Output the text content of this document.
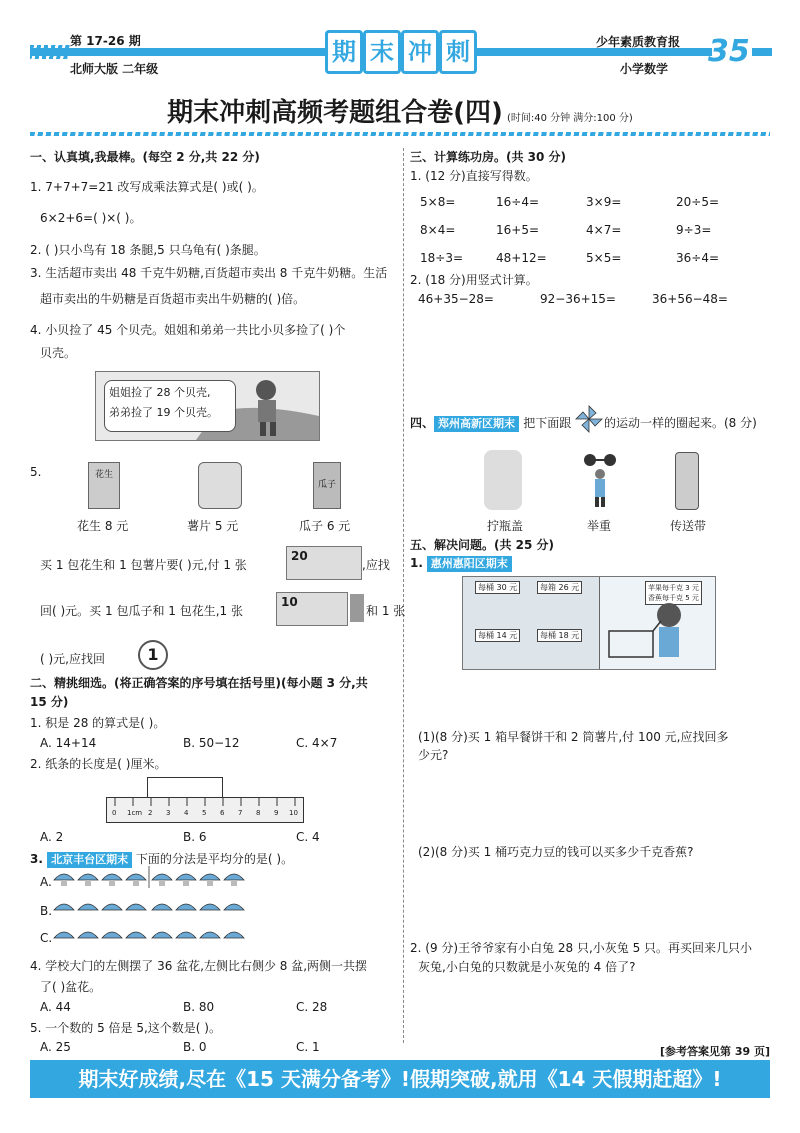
第 17-26 期
北师大版 二年级
期 末 冲 刺	少年素质教育报
小学数学 35
期末冲刺高频考题组合卷(四) (时间:40 分钟 满分:100 分)
一、认真填,我最棒。(每空 2 分,共 22 分)
1. 7+7+7=21 改写成乘法算式是( )或( )。
6×2+6=( )×( )。
2. ( )只小鸟有 18 条腿,5 只乌龟有( )条腿。
3. 生活超市卖出 48 千克牛奶糖,百货超市卖出 8 千克牛奶糖。生活
超市卖出的牛奶糖是百货超市卖出牛奶糖的( )倍。
4. 小贝捡了 45 个贝壳。姐姐和弟弟一共比小贝多捡了( )个
贝壳。
姐姐捡了 28 个贝壳,
弟弟捡了 19 个贝壳。
5.	花生
瓜子
花生 8 元	薯片 5 元	瓜子 6 元
买 1 包花生和 1 包薯片要( )元,付 1 张
20
,应找
回( )元。买 1 包瓜子和 1 包花生,1 张
10
和 1 张
( )元,应找回	1
二、精挑细选。(将正确答案的序号填在括号里)(每小题 3 分,共
15 分)
1. 积是 28 的算式是( )。
A. 14+14	B. 50−12	C. 4×7
2. 纸条的长度是( )厘米。
0 1cm 2 3 4 5 6 7 8 9 10
A. 2	B. 6	C. 4
3. 北京丰台区期末 下面的分法是平均分的是( )。
A.
B.
C.
4. 学校大门的左侧摆了 36 盆花,左侧比右侧少 8 盆,两侧一共摆
了( )盆花。
A. 44	B. 80	C. 28
5. 一个数的 5 倍是 5,这个数是( )。
A. 25	B. 0	C. 1
三、计算练功房。(共 30 分)
1. (12 分)直接写得数。
5×8=	16÷4=	3×9=	20÷5=
8×4=	16+5=	4×7=	9÷3=
18÷3=	48+12=	5×5=	36÷4=
2. (18 分)用竖式计算。
46+35−28=	92−36+15=	36+56−48=
四、 郑州高新区期末 把下面跟	的运动一样的圈起来。(8 分)
拧瓶盖	举重	传送带
五、解决问题。(共 25 分)
1. 惠州惠阳区期末
每桶 30 元	每箱 26 元
每桶 14 元	每桶 18 元
苹果每千克 3 元
香蕉每千克 5 元
(1)(8 分)买 1 箱早餐饼干和 2 筒薯片,付 100 元,应找回多
少元?
(2)(8 分)买 1 桶巧克力豆的钱可以买多少千克香蕉?
2. (9 分)王爷爷家有小白兔 28 只,小灰兔 5 只。再买回来几只小
灰兔,小白兔的只数就是小灰兔的 4 倍了?
[参考答案见第 39 页]
期末好成绩,尽在《15 天满分备考》!假期突破,就用《14 天假期赶超》!
